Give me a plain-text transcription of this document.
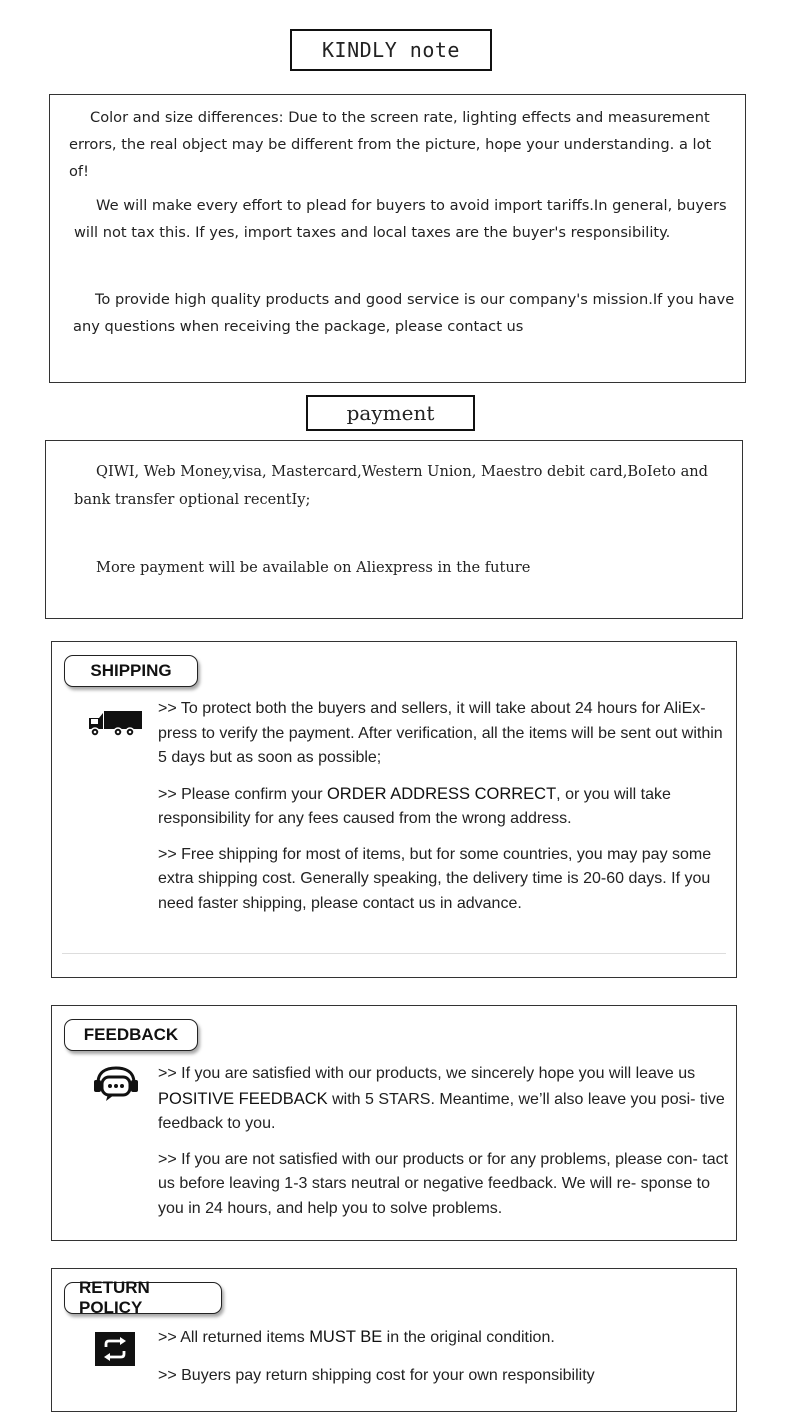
KINDLY note
Color and size differences: Due to the screen rate, lighting effects and measurement errors, the real object may be different from the picture, hope your understanding. a lot of!
We will make every effort to plead for buyers to avoid import tariffs.In general, buyers will not tax this. If yes, import taxes and local taxes are the buyer's responsibility.
To provide high quality products and good service is our company's mission.If you have any questions when receiving the package, please contact us
payment
QIWI, Web Money,visa, Mastercard,Western Union, Maestro debit card,BoIeto and bank transfer optional recentIy;
More payment will be available on Aliexpress in the future
SHIPPING

>> To protect both the buyers and sellers, it will take about 24 hours for AliEx- press to verify the payment. After verification, all the items will be sent out within 5 days but as soon as possible;

>> Please confirm your ORDER ADDRESS CORRECT, or you will take responsibility for any fees caused from the wrong address.

>> Free shipping for most of items, but for some countries, you may pay some extra shipping cost. Generally speaking, the delivery time is 20-60 days. If you need faster shipping, please contact us in advance.

FEEDBACK

>> If you are satisfied with our products, we sincerely hope you will leave us POSITIVE FEEDBACK with 5 STARS. Meantime, we’ll also leave you posi- tive feedback to you.

>> If you are not satisfied with our products or for any problems, please con- tact us before leaving 1-3 stars neutral or negative feedback. We will re- sponse to you in 24 hours, and help you to solve problems.

RETURN POLICY

>> All returned items MUST BE in the original condition.

>> Buyers pay return shipping cost for your own responsibility
